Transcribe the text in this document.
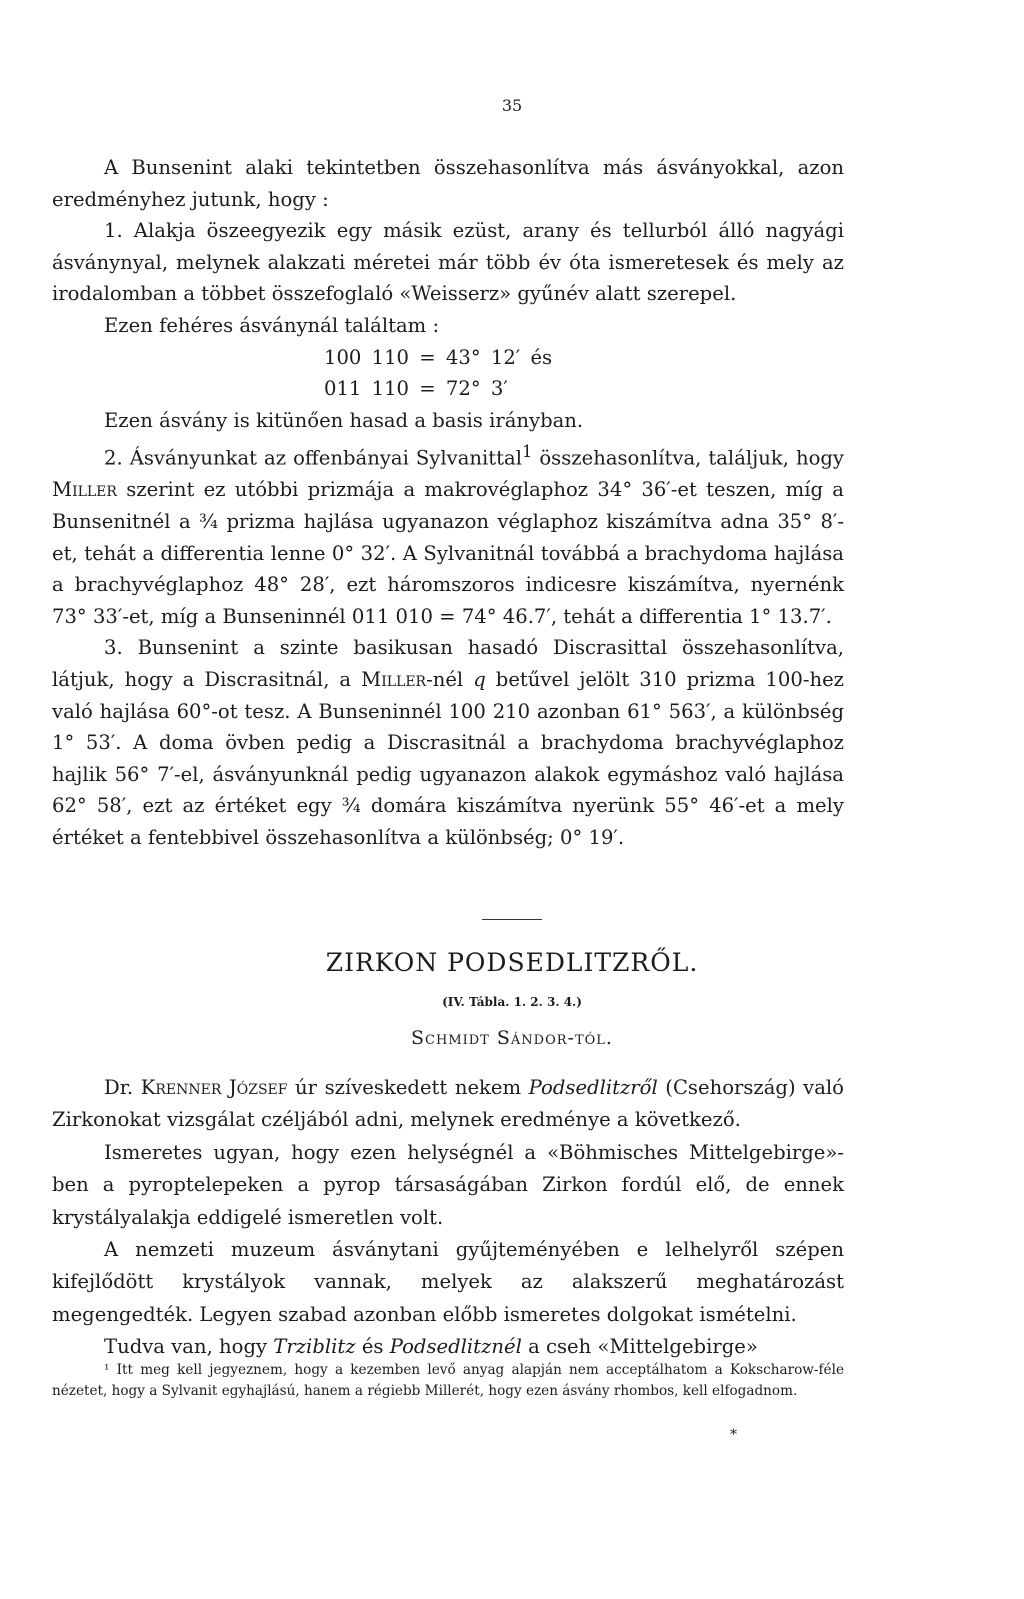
35

A Bunsenint alaki tekintetben összehasonlítva más ásványokkal, azon eredményhez jutunk, hogy :

1. Alakja öszeegyezik egy másik ezüst, arany és tellurból álló nagyági ásványnyal, melynek alakzati méretei már több év óta ismeretesek és mely az irodalomban a többet összefoglaló «Weisserz» gyűnév alatt szerepel.

Ezen fehéres ásványnál találtam :

100 110 = 43° 12′ és

011 110 = 72° 3′

Ezen ásvány is kitünően hasad a basis irányban.

2. Ásványunkat az offenbányai Sylvanittal$^1$ összehasonlítva, találjuk, hogy Miller szerint ez utóbbi prizmája a makrovéglaphoz 34° 36′-et teszen, míg a Bunsenitnél a ¾ prizma hajlása ugyanazon véglaphoz kiszámítva adna 35° 8′-et, tehát a differentia lenne 0° 32′. A Sylvanitnál továbbá a brachydoma hajlása a brachyvéglaphoz 48° 28′, ezt háromszoros indicesre kiszámítva, nyernénk 73° 33′-et, míg a Bunseninnél 011 010 = 74° 46.7′, tehát a differentia 1° 13.7′.

3. Bunsenint a szinte basikusan hasadó Discrasittal összehasonlítva, látjuk, hogy a Discrasitnál, a Miller-nél q betűvel jelölt 310 prizma 100-hez való hajlása 60°-ot tesz. A Bunseninnél 100 210 azonban 61° 563′, a különbség 1° 53′. A doma övben pedig a Discrasitnál a brachydoma brachyvéglaphoz hajlik 56° 7′-el, ásványunknál pedig ugyanazon alakok egymáshoz való hajlása 62° 58′, ezt az értéket egy ¾ domára kiszámítva nyerünk 55° 46′-et a mely értéket a fentebbivel összehasonlítva a különbség; 0° 19′.

ZIRKON PODSEDLITZRŐL.
(IV. Tábla. 1. 2. 3. 4.)
Schmidt Sándor-tól.

Dr. Krenner József úr szíveskedett nekem Podsedlitzről (Csehország) való Zirkonokat vizsgálat czéljából adni, melynek eredménye a következő.

Ismeretes ugyan, hogy ezen helységnél a «Böhmisches Mittelgebirge»-ben a pyroptelepeken a pyrop társaságában Zirkon fordúl elő, de ennek krystályalakja eddigelé ismeretlen volt.

A nemzeti muzeum ásványtani gyűjteményében e lelhelyről szépen kifejlődött krystályok vannak, melyek az alakszerű meghatározást megengedték. Legyen szabad azonban előbb ismeretes dolgokat ismételni.

Tudva van, hogy Trziblitz és Podsedlitznél a cseh «Mittelgebirge»

¹ Itt meg kell jegyeznem, hogy a kezemben levő anyag alapján nem acceptálhatom a Kokscharow-féle nézetet, hogy a Sylvanit egyhajlású, hanem a régiebb Millerét, hogy ezen ásvány rhombos, kell elfogadnom.

*
